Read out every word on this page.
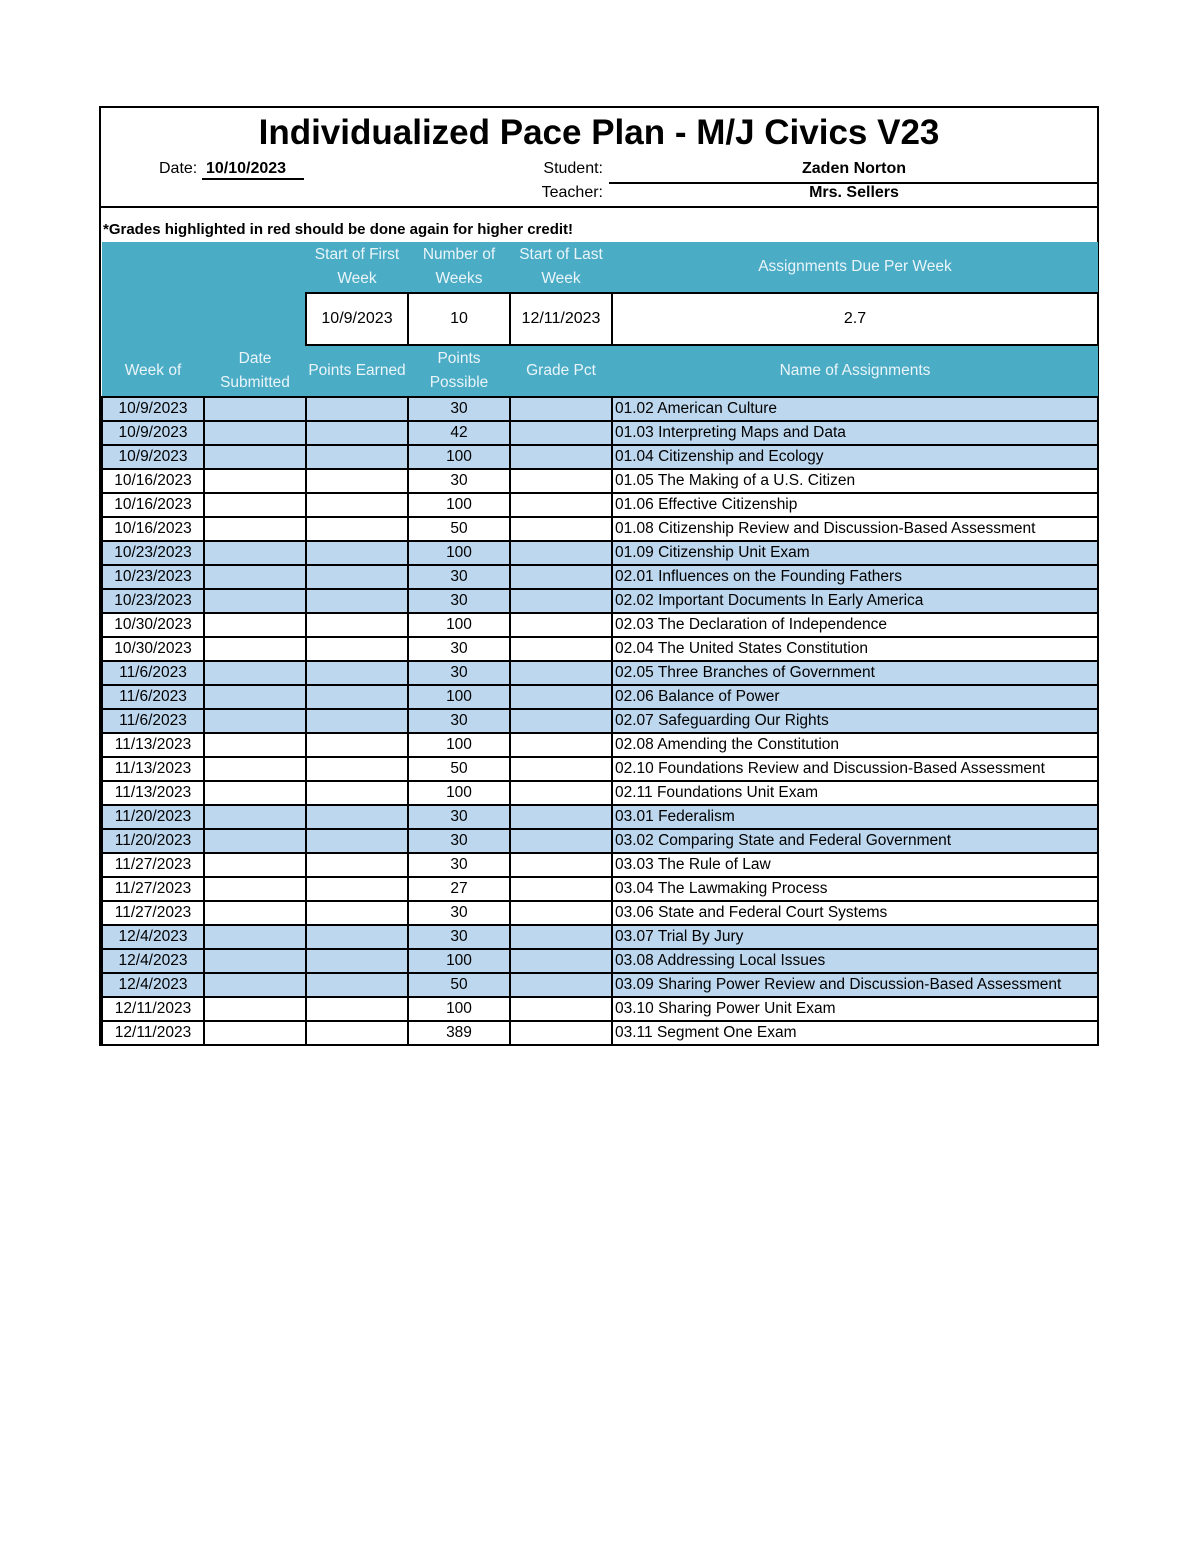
Individualized Pace Plan - M/J Civics V23
Date: 10/10/2023	Student:	Zaden Norton
Teacher:	Mrs. Sellers
*Grades highlighted in red should be done again for higher credit!
		Start of First Week	Number of Weeks	Start of Last Week	Assignments Due Per Week
		10/9/2023	10	12/11/2023	2.7
Week of	Date Submitted	Points Earned	Points Possible	Grade Pct	Name of Assignments
10/9/2023			30		01.02 American Culture
10/9/2023			42		01.03 Interpreting Maps and Data
10/9/2023			100		01.04 Citizenship and Ecology
10/16/2023			30		01.05 The Making of a U.S. Citizen
10/16/2023			100		01.06 Effective Citizenship
10/16/2023			50		01.08 Citizenship Review and Discussion-Based Assessment
10/23/2023			100		01.09 Citizenship Unit Exam
10/23/2023			30		02.01 Influences on the Founding Fathers
10/23/2023			30		02.02 Important Documents In Early America
10/30/2023			100		02.03 The Declaration of Independence
10/30/2023			30		02.04 The United States Constitution
11/6/2023			30		02.05 Three Branches of Government
11/6/2023			100		02.06 Balance of Power
11/6/2023			30		02.07 Safeguarding Our Rights
11/13/2023			100		02.08 Amending the Constitution
11/13/2023			50		02.10 Foundations Review and Discussion-Based Assessment
11/13/2023			100		02.11 Foundations Unit Exam
11/20/2023			30		03.01 Federalism
11/20/2023			30		03.02 Comparing State and Federal Government
11/27/2023			30		03.03 The Rule of Law
11/27/2023			27		03.04 The Lawmaking Process
11/27/2023			30		03.06 State and Federal Court Systems
12/4/2023			30		03.07 Trial By Jury
12/4/2023			100		03.08 Addressing Local Issues
12/4/2023			50		03.09 Sharing Power Review and Discussion-Based Assessment
12/11/2023			100		03.10 Sharing Power Unit Exam
12/11/2023			389		03.11 Segment One Exam
